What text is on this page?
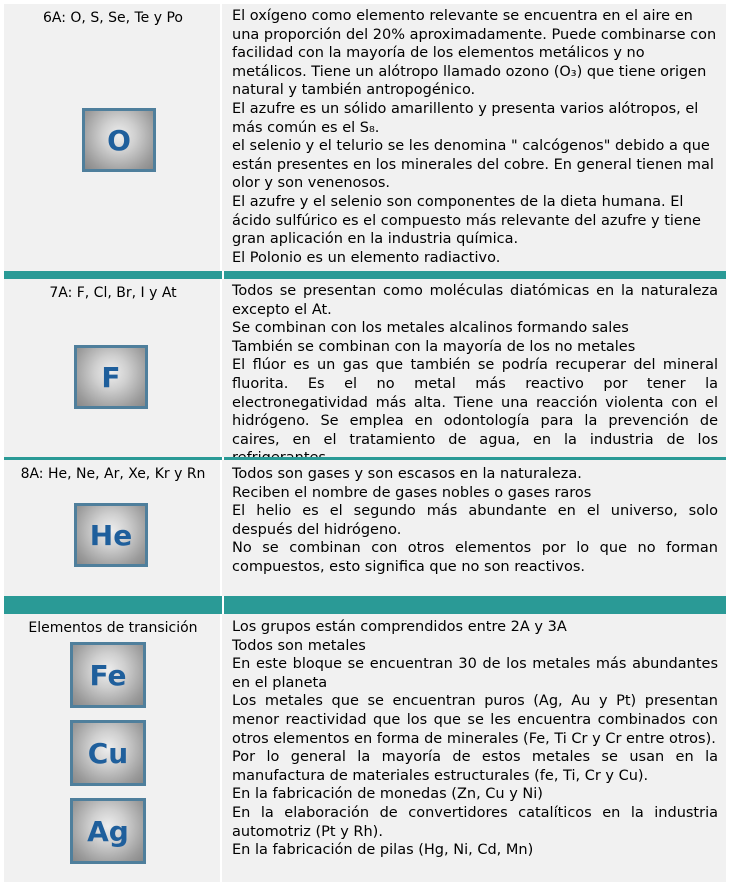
6A: O, S, Se, Te y Po
O

El oxígeno como elemento relevante se encuentra en el aire en una proporción del 20% aproximadamente. Puede combinarse con facilidad con la mayoría de los elementos metálicos y no metálicos. Tiene un alótropo llamado ozono (O₃) que tiene origen natural y también antropogénico.

El azufre es un sólido amarillento y presenta varios alótropos, el más común es el S₈.

el selenio y el telurio se les denomina " calcógenos" debido a que están presentes en los minerales del cobre. En general tienen mal olor y son venenosos.

El azufre y el selenio son componentes de la dieta humana. El ácido sulfúrico es el compuesto más relevante del azufre y tiene gran aplicación en la industria química.

El Polonio es un elemento radiactivo.

7A: F, Cl, Br, I y At
F

Todos se presentan como moléculas diatómicas en la naturaleza excepto el At.

Se combinan con los metales alcalinos formando sales

También se combinan con la mayoría de los no metales

El flúor es un gas que también se podría recuperar del mineral fluorita. Es el no metal más reactivo por tener la electronegatividad más alta. Tiene una reacción violenta con el hidrógeno. Se emplea en odontología para la prevención de caires, en el tratamiento de agua, en la industria de los

8A: He, Ne, Ar, Xe, Kr y Rn
He

Todos son gases y son escasos en la naturaleza.

Reciben el nombre de gases nobles o gases raros

El helio es el segundo más abundante en el universo, solo después del hidrógeno.

No se combinan con otros elementos por lo que no forman compuestos, esto significa que no son reactivos.

Elementos de transición
Fe
Cu
Ag

Los grupos están comprendidos entre 2A y 3A

Todos son metales

En este bloque se encuentran 30 de los metales más abundantes en el planeta

Los metales que se encuentran puros (Ag, Au y Pt) presentan menor reactividad que los que se les encuentra combinados con otros elementos en forma de minerales (Fe, Ti Cr y Cr entre otros).

Por lo general la mayoría de estos metales se usan en la manufactura de materiales estructurales (fe, Ti, Cr y Cu).

En la fabricación de monedas (Zn, Cu y Ni)

En la elaboración de convertidores catalíticos en la industria automotriz (Pt y Rh).

En la fabricación de pilas (Hg, Ni, Cd, Mn)
